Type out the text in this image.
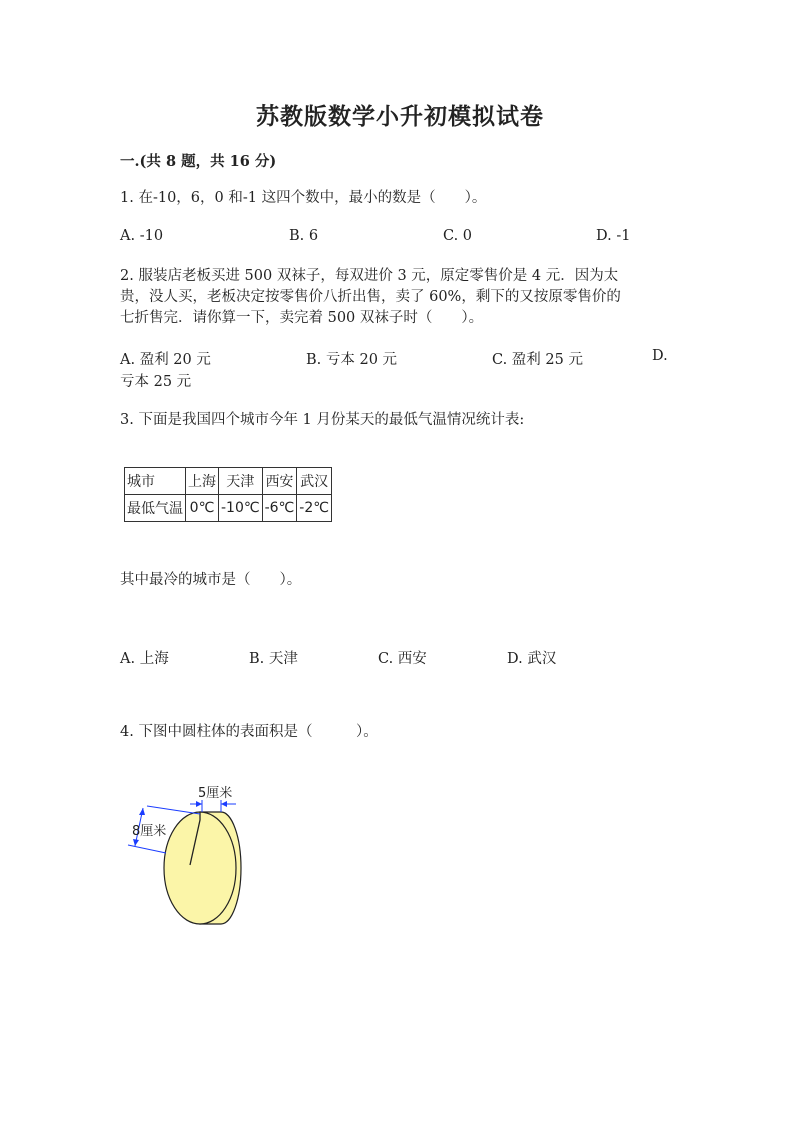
苏教版数学小升初模拟试卷
一.(共 8 题，共 16 分)
1. 在-10，6，0 和-1 这四个数中，最小的数是（　　）。
A. -10	B. 6	C. 0	D. -1
2. 服装店老板买进 500 双袜子，每双进价 3 元，原定零售价是 4 元．因为太
贵，没人买，老板决定按零售价八折出售，卖了 60%，剩下的又按原零售价的
七折售完．请你算一下，卖完着 500 双袜子时（　　）。
A. 盈利 20 元	B. 亏本 20 元	C. 盈利 25 元	D.
亏本 25 元
3. 下面是我国四个城市今年 1 月份某天的最低气温情况统计表:
城市	上海	天津	西安	武汉
最低气温	0℃	-10℃	-6℃	-2℃
其中最冷的城市是（　　）。
A. 上海	B. 天津	C. 西安	D. 武汉
4. 下图中圆柱体的表面积是（　　　）。
5厘米
8厘米
